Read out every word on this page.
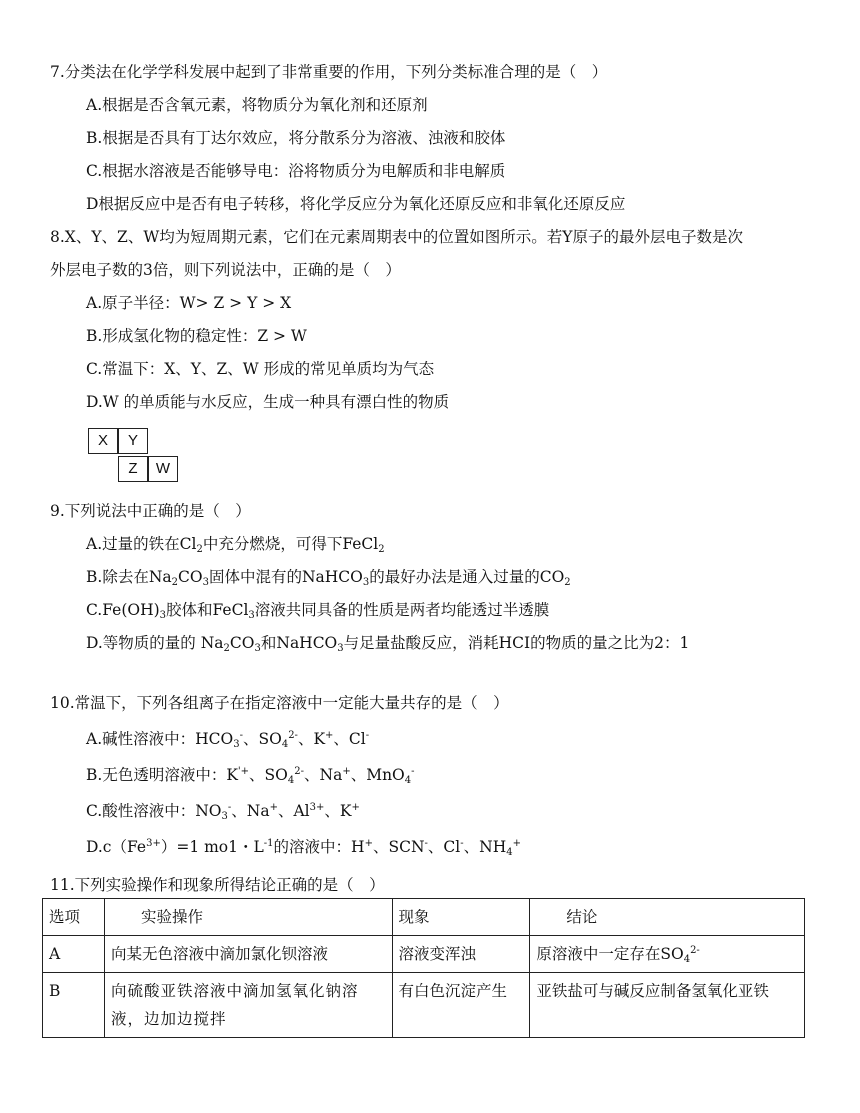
7.分类法在化学学科发展中起到了非常重要的作用，下列分类标准合理的是（　）
A.根据是否含氧元素，将物质分为氧化剂和还原剂
B.根据是否具有丁达尔效应，将分散系分为溶液、浊液和胶体
C.根据水溶液是否能够导电：浴将物质分为电解质和非电解质
D根据反应中是否有电子转移，将化学反应分为氧化还原反应和非氧化还原反应
8.X、Y、Z、W均为短周期元素，它们在元素周期表中的位置如图所示。若Y原子的最外层电子数是次
外层电子数的3倍，则下列说法中，正确的是（　）
A.原子半径：W> Z > Y > X
B.形成氢化物的稳定性：Z > W
C.常温下：X、Y、Z、W 形成的常见单质均为气态
D.W 的单质能与水反应，生成一种具有漂白性的物质
X	Y
Z	W
9.下列说法中正确的是（　）
A.过量的铁在$Cl_2$中充分燃烧，可得下FeCl$_2$
B.除去在$Na_2CO_3$固体中混有的NaHCO$_3$的最好办法是通入过量的$CO_2$
$C.Fe(OH)_3$胶体和FeCl$_3$溶液共同具备的性质是两者均能透过半透膜
D.等物质的量的 $Na_2CO_3$和NaHCO$_3$与足量盐酸反应，消耗HCI的物质的量之比为2：1
10.常温下，下列各组离子在指定溶液中一定能大量共存的是（　）
A.碱性溶液中：$HCO_3^-$、$SO_4^{2-}$、K+、Cl-
B.无色透明溶液中：K'+、$SO_4^{2-}$、Na+、MnO$_4$-
C.酸性溶液中：$NO_3^-$、Na+、$Al^{3+}$、K+
$D.c(Fe^{3+})=1$ mo1・$L^{-1}$的溶液中：H+、SCN-、Cl-、$NH_4^+$
11.下列实验操作和现象所得结论正确的是（　）
选项	实验操作	现象	结论
A	向某无色溶液中滴加氯化钡溶液	溶液变浑浊	原溶液中一定存在$SO_4^{2-}$
B	向硫酸亚铁溶液中滴加氢氧化钠溶液，边加边搅拌	有白色沉淀产生	亚铁盐可与碱反应制备氢氧化亚铁
